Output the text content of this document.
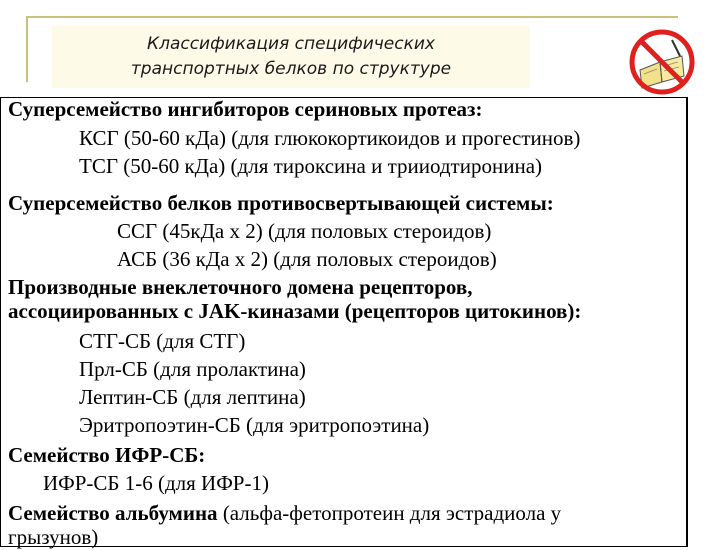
Классификация специфических
транспортных белков по структуре
Суперсемейство ингибиторов сериновых протеаз:
КСГ (50-60 кДа) (для глюкокортикоидов и прогестинов)
ТСГ (50-60 кДа) (для тироксина и трииодтиронина)
Суперсемейство белков противосвертывающей системы:
ССГ (45кДа х 2) (для половых стероидов)
АСБ (36 кДа х 2) (для половых стероидов)
Производные внеклеточного домена рецепторов,
ассоциированных с JAK-киназами (рецепторов цитокинов):
СТГ-СБ (для СТГ)
Прл-СБ (для пролактина)
Лептин-СБ (для лептина)
Эритропоэтин-СБ (для эритропоэтина)
Семейство ИФР-СБ:
ИФР-СБ 1-6 (для ИФР-1)
Семейство альбумина (альфа-фетопротеин для эстрадиола у
грызунов)
